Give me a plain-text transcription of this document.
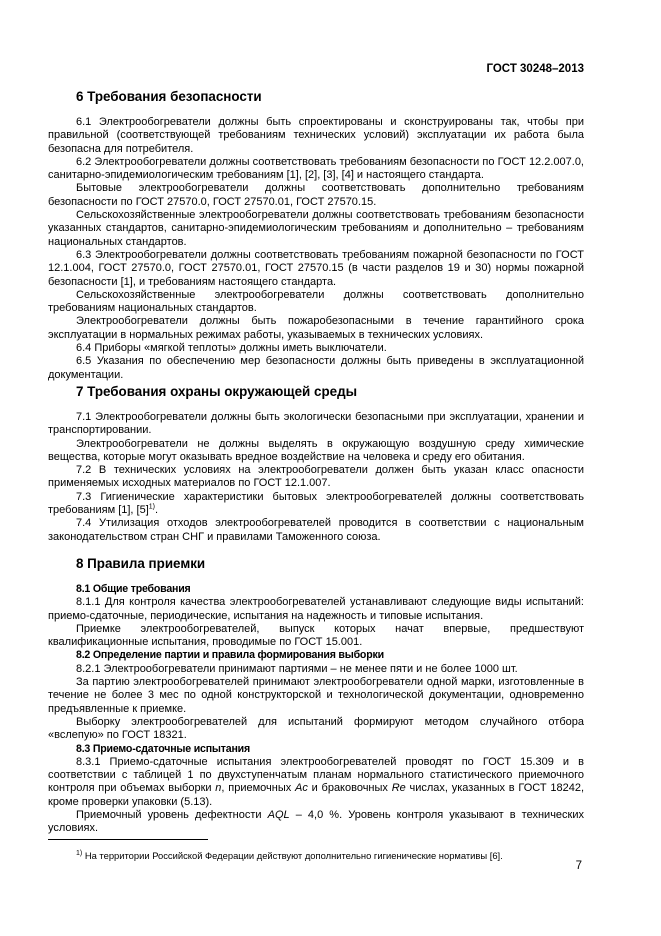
ГОСТ 30248–2013
6 Требования безопасности

6.1 Электрообогреватели должны быть спроектированы и сконструированы так, чтобы при правильной (соответствующей требованиям технических условий) эксплуатации их работа была безопасна для потребителя.

6.2 Электрообогреватели должны соответствовать требованиям безопасности по ГОСТ 12.2.007.0, санитарно-эпидемиологическим требованиям [1], [2], [3], [4] и настоящего стандарта.

Бытовые электрообогреватели должны соответствовать дополнительно требованиям безопасности по ГОСТ 27570.0, ГОСТ 27570.01, ГОСТ 27570.15.

Сельскохозяйственные электрообогреватели должны соответствовать требованиям безопасности указанных стандартов, санитарно-эпидемиологическим требованиям и дополнительно – требованиям национальных стандартов.

6.3 Электрообогреватели должны соответствовать требованиям пожарной безопасности по ГОСТ 12.1.004, ГОСТ 27570.0, ГОСТ 27570.01, ГОСТ 27570.15 (в части разделов 19 и 30) нормы пожарной безопасности [1], и требованиям настоящего стандарта.

Сельскохозяйственные электрообогреватели должны соответствовать дополнительно требованиям национальных стандартов.

Электрообогреватели должны быть пожаробезопасными в течение гарантийного срока эксплуатации в нормальных режимах работы, указываемых в технических условиях.

6.4 Приборы «мягкой теплоты» должны иметь выключатели.

6.5 Указания по обеспечению мер безопасности должны быть приведены в эксплуатационной документации.

7 Требования охраны окружающей среды

7.1 Электрообогреватели должны быть экологически безопасными при эксплуатации, хранении и транспортировании.

Электрообогреватели не должны выделять в окружающую воздушную среду химические вещества, которые могут оказывать вредное воздействие на человека и среду его обитания.

7.2 В технических условиях на электрообогреватели должен быть указан класс опасности применяемых исходных материалов по ГОСТ 12.1.007.

7.3 Гигиенические характеристики бытовых электрообогревателей должны соответствовать требованиям [1], $[5]^{1)}$.

7.4 Утилизация отходов электрообогревателей проводится в соответствии с национальным законодательством стран СНГ и правилами Таможенного союза.

8 Правила приемки

8.1 Общие требования

8.1.1 Для контроля качества электрообогревателей устанавливают следующие виды испытаний: приемо-сдаточные, периодические, испытания на надежность и типовые испытания.

Приемке электрообогревателей, выпуск которых начат впервые, предшествуют квалификационные испытания, проводимые по ГОСТ 15.001.

8.2 Определение партии и правила формирования выборки

8.2.1 Электрообогреватели принимают партиями – не менее пяти и не более 1000 шт.

За партию электрообогревателей принимают электрообогреватели одной марки, изготовленные в течение не более 3 мес по одной конструкторской и технологической документации, одновременно предъявленные к приемке.

Выборку электрообогревателей для испытаний формируют методом случайного отбора «вслепую» по ГОСТ 18321.

8.3 Приемо-сдаточные испытания

8.3.1 Приемо-сдаточные испытания электрообогревателей проводят по ГОСТ 15.309 и в соответствии с таблицей 1 по двухступенчатым планам нормального статистического приемочного контроля при объемах выборки n, приемочных Ac и браковочных Re числах, указанных в ГОСТ 18242, кроме проверки упаковки (5.13).

Приемочный уровень дефектности AQL – 4,0 %. Уровень контроля указывают в технических условиях.

$^{1)}$ На территории Российской Федерации действуют дополнительно гигиенические нормативы [6].
7
